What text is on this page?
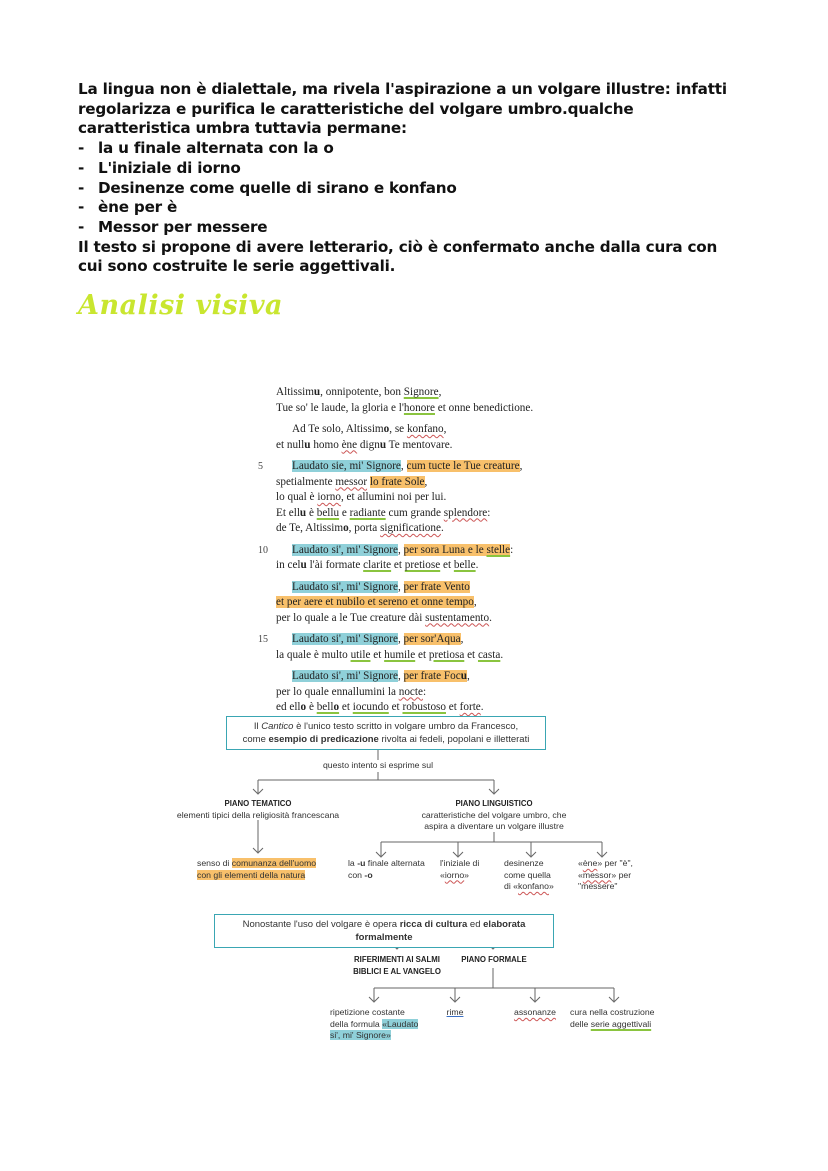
La lingua non è dialettale, ma rivela l'aspirazione a un volgare illustre: infatti
regolarizza e purifica le caratteristiche del volgare umbro.qualche
caratteristica umbra tuttavia permane:
- la u finale alternata con la o
- L'iniziale di iorno
- Desinenze come quelle di sirano e konfano
- ène per è
- Messor per messere
Il testo si propone di avere letterario, ciò è confermato anche dalla cura con
cui sono costruite le serie aggettivali.
Analisi visiva
Altissimu, onnipotente, bon Signore,
Tue so' le laude, la gloria e l'honore et onne benedictione.
Ad Te solo, Altissimo, se konfano,
et nullu homo ène dignu Te mentovare.
5	Laudato sie, mi' Signore, cum tucte le Tue creature,
spetialmente messor lo frate Sole,
lo qual è iorno, et allumini noi per lui.
Et ellu è bellu e radiante cum grande splendore:
de Te, Altissimo, porta significatione.
10 Laudato si', mi' Signore, per sora Luna e le stelle:
in celu l'ài formate clarite et pretiose et belle.
Laudato si', mi' Signore, per frate Vento
et per aere et nubilo et sereno et onne tempo,
per lo quale a le Tue creature dài sustentamento.
15 Laudato si', mi' Signore, per sor'Aqua,
la quale è multo utile et humile et pretiosa et casta.
Laudato si', mi' Signore, per frate Focu,
per lo quale ennallumini la nocte:
ed ello è bello et iocundo et robustoso et forte.
Il Cantico è l'unico testo scritto in volgare umbro da Francesco,
come esempio di predicazione rivolta ai fedeli, popolani e illetterati
questo intento si esprime sul
PIANO TEMATICO
elementi tipici della religiosità francescana
PIANO LINGUISTICO
caratteristiche del volgare umbro, che
aspira a diventare un volgare illustre
senso di comunanza dell'uomo
con gli elementi della natura
la -u finale alternata
con -o
l'iniziale di
«iorno»
desinenze
come quella
di «konfano»
«ène» per "è",
«messor» per
"messere"
Nonostante l'uso del volgare è opera ricca di cultura ed elaborata formalmente
RIFERIMENTI AI SALMI
BIBLICI E AL VANGELO
PIANO FORMALE
ripetizione costante
della formula «Laudato
si', mi' Signore»
rime	assonanze	cura nella costruzione
delle serie aggettivali
